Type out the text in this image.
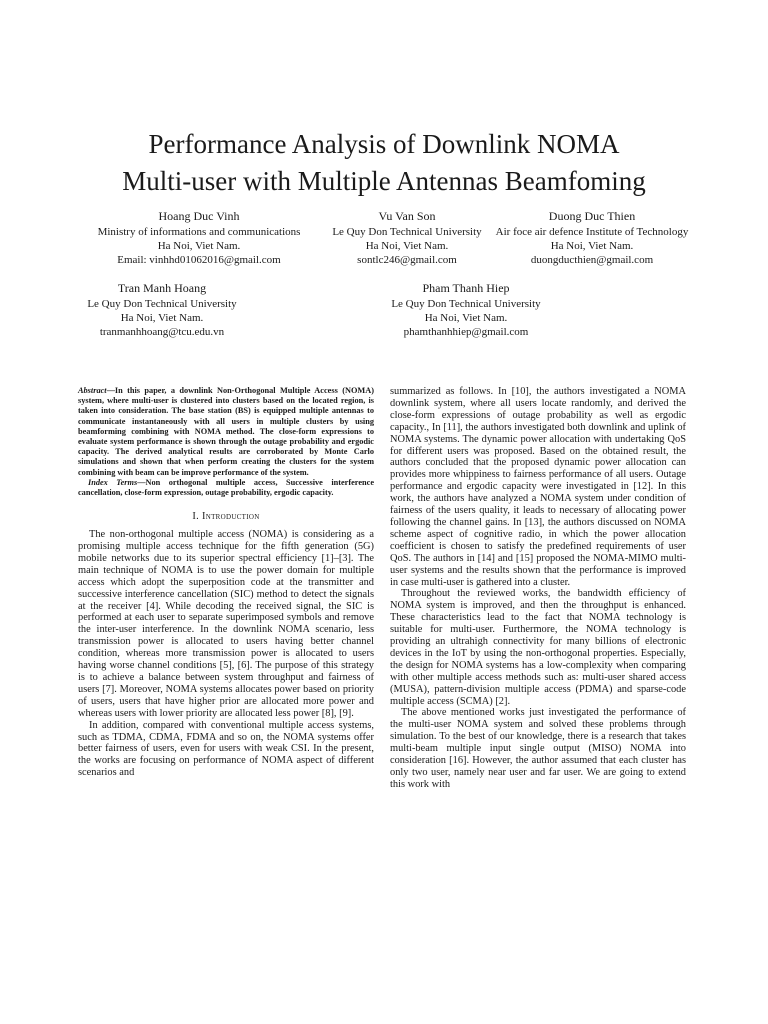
Performance Analysis of Downlink NOMA
Multi-user with Multiple Antennas Beamfoming
Hoang Duc Vinh
Ministry of informations and communications
Ha Noi, Viet Nam.
Email: vinhhd01062016@gmail.com
Vu Van Son
Le Quy Don Technical University
Ha Noi, Viet Nam.
sontlc246@gmail.com
Duong Duc Thien
Air foce air defence Institute of Technology
Ha Noi, Viet Nam.
duongducthien@gmail.com
Tran Manh Hoang
Le Quy Don Technical University
Ha Noi, Viet Nam.
tranmanhhoang@tcu.edu.vn
Pham Thanh Hiep
Le Quy Don Technical University
Ha Noi, Viet Nam.
phamthanhhiep@gmail.com

Abstract—In this paper, a downlink Non-Orthogonal Multiple Access (NOMA) system, where multi-user is clustered into clusters based on the located region, is taken into consideration. The base station (BS) is equipped multiple antennas to communicate instantaneously with all users in multiple clusters by using beamforming combining with NOMA method. The close-form expressions to evaluate system performance is shown through the outage probability and ergodic capacity. The derived analytical results are corroborated by Monte Carlo simulations and shown that when perform creating the clusters for the system combining with beam can be improve performance of the system.

Index Terms—Non orthogonal multiple access, Successive interference cancellation, close-form expression, outage probability, ergodic capacity.

I. Introduction

The non-orthogonal multiple access (NOMA) is considering as a promising multiple access technique for the fifth generation (5G) mobile networks due to its superior spectral efficiency [1]–[3]. The main technique of NOMA is to use the power domain for multiple access which adopt the superposition code at the transmitter and successive interference cancellation (SIC) method to detect the signals at the receiver [4]. While decoding the received signal, the SIC is performed at each user to separate superimposed symbols and remove the inter-user interference. In the downlink NOMA scenario, less transmission power is allocated to users having better channel condition, whereas more transmission power is allocated to users having worse channel conditions [5], [6]. The purpose of this strategy is to achieve a balance between system throughput and fairness of users [7]. Moreover, NOMA systems allocates power based on priority of users, users that have higher prior are allocated more power and whereas users with lower priority are allocated less power [8], [9].

In addition, compared with conventional multiple access systems, such as TDMA, CDMA, FDMA and so on, the NOMA systems offer better fairness of users, even for users with weak CSI. In the present, the works are focusing on performance of NOMA aspect of different scenarios and

summarized as follows. In [10], the authors investigated a NOMA downlink system, where all users locate randomly, and derived the close-form expressions of outage probability as well as ergodic capacity., In [11], the authors investigated both downlink and uplink of NOMA systems. The dynamic power allocation with undertaking QoS for different users was proposed. Based on the obtained result, the authors concluded that the proposed dynamic power allocation can provides more whippiness to fairness performance of all users. Outage performance and ergodic capacity were investigated in [12]. In this work, the authors have analyzed a NOMA system under condition of fairness of the users quality, it leads to necessary of allocating power following the channel gains. In [13], the authors discussed on NOMA scheme aspect of cognitive radio, in which the power allocation coefficient is chosen to satisfy the predefined requirements of user QoS. The authors in [14] and [15] proposed the NOMA-MIMO multi-user systems and the results shown that the performance is improved in case multi-user is gathered into a cluster.

Throughout the reviewed works, the bandwidth efficiency of NOMA system is improved, and then the throughput is enhanced. These characteristics lead to the fact that NOMA technology is suitable for multi-user. Furthermore, the NOMA technology is providing an ultrahigh connectivity for many billions of electronic devices in the IoT by using the non-orthogonal properties. Especially, the design for NOMA systems has a low-complexity when comparing with other multiple access methods such as: multi-user shared access (MUSA), pattern-division multiple access (PDMA) and sparse-code multiple access (SCMA) [2].

The above mentioned works just investigated the performance of the multi-user NOMA system and solved these problems through simulation. To the best of our knowledge, there is a research that takes multi-beam multiple input single output (MISO) NOMA into consideration [16]. However, the author assumed that each cluster has only two user, namely near user and far user. We are going to extend this work with
